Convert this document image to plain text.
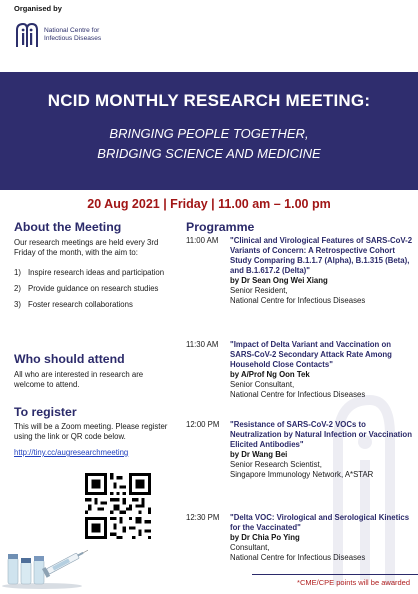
Organised by
National Centre for
Infectious Diseases
NCID MONTHLY RESEARCH MEETING:
BRINGING PEOPLE TOGETHER,
BRIDGING SCIENCE AND MEDICINE
20 Aug 2021 | Friday | 11.00 am – 1.00 pm
About the Meeting
Our research meetings are held every 3rd Friday of the month, with the aim to:
1) Inspire research ideas and participation
2) Provide guidance on research studies
3) Foster research collaborations
Who should attend
All who are interested in research are welcome to attend.
To register
This will be a Zoom meeting. Please register using the link or QR code below.
http://tiny.cc/augresearchmeeting
Programme
11:00 AM	"Clinical and Virological Features of SARS-CoV-2 Variants of Concern: A Retrospective Cohort Study Comparing B.1.1.7 (Alpha), B.1.315 (Beta), and B.1.617.2 (Delta)"
by Dr Sean Ong Wei Xiang
Senior Resident,
National Centre for Infectious Diseases
11:30 AM	"Impact of Delta Variant and Vaccination on SARS-CoV-2 Secondary Attack Rate Among Household Close Contacts"
by A/Prof Ng Oon Tek
Senior Consultant,
National Centre for Infectious Diseases
12:00 PM	"Resistance of SARS-CoV-2 VOCs to Neutralization by Natural Infection or Vaccination Elicited Antibodies"
by Dr Wang Bei
Senior Research Scientist,
Singapore Immunology Network, A*STAR
12:30 PM	"Delta VOC: Virological and Serological Kinetics for the Vaccinated"
by Dr Chia Po Ying
Consultant,
National Centre for Infectious Diseases
*CME/CPE points will be awarded
